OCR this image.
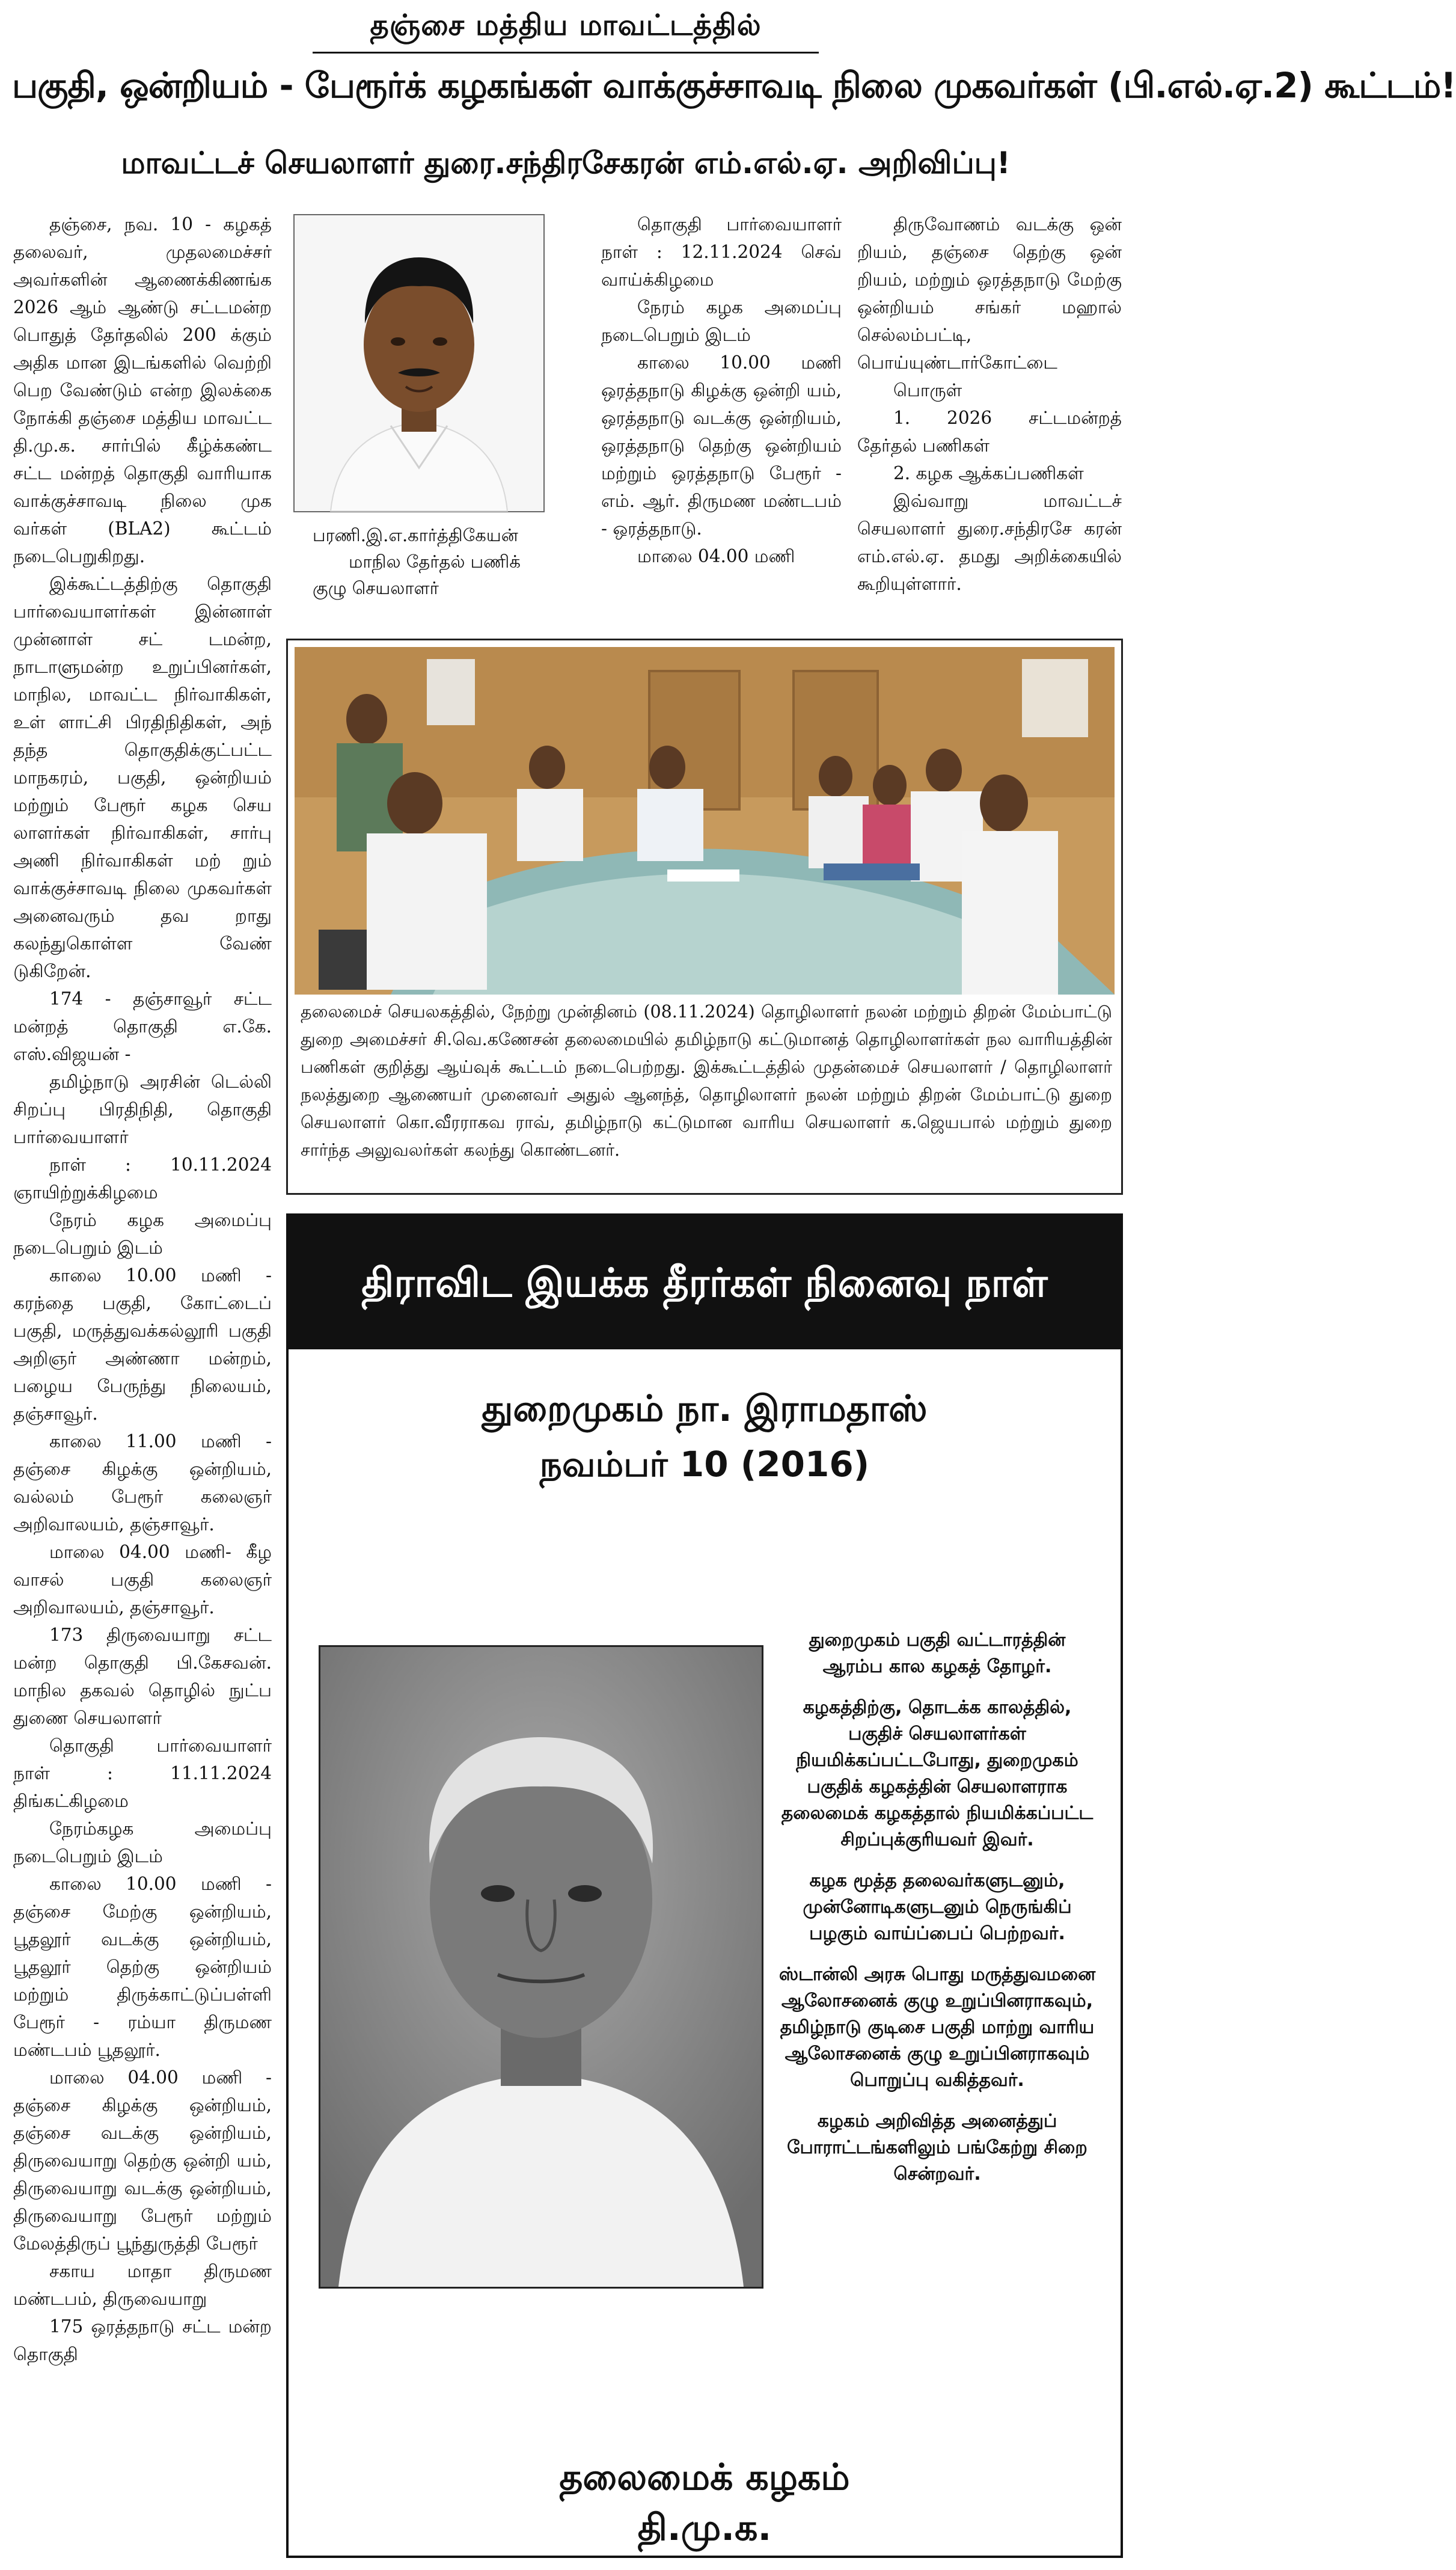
தஞ்சை மத்திய மாவட்டத்தில்
பகுதி, ஒன்றியம் - பேரூர்க் கழகங்கள் வாக்குச்சாவடி நிலை முகவர்கள் (பி.எல்.ஏ.2) கூட்டம்!
மாவட்டச் செயலாளர் துரை.சந்திரசேகரன் எம்.எல்.ஏ. அறிவிப்பு!

தஞ்சை, நவ. 10 - கழகத் தலைவர், முதலமைச்சர் அவர்களின் ஆணைக்கிணங்க 2026 ஆம் ஆண்டு சட்டமன்ற பொதுத் தேர்தலில் 200 க்கும் அதிக மான இடங்களில் வெற்றி பெற வேண்டும் என்ற இலக்கை நோக்கி தஞ்சை மத்திய மாவட்ட தி.மு.க. சார்பில் கீழ்க்கண்ட சட்ட மன்றத் தொகுதி வாரியாக வாக்குச்சாவடி நிலை முக வர்கள் (BLA2) கூட்டம் நடைபெறுகிறது.

இக்கூட்டத்திற்கு தொகுதி பார்வையாளர்கள் இன்னாள் முன்னாள் சட் டமன்ற, நாடாளுமன்ற உறுப்பினர்கள், மாநில, மாவட்ட நிர்வாகிகள், உள் ளாட்சி பிரதிநிதிகள், அந் தந்த தொகுதிக்குட்பட்ட மாநகரம், பகுதி, ஒன்றியம் மற்றும் பேரூர் கழக செய லாளர்கள் நிர்வாகிகள், சார்பு அணி நிர்வாகிகள் மற் றும் வாக்குச்சாவடி நிலை முகவர்கள் அனைவரும் தவ றாது கலந்துகொள்ள வேண் டுகிறேன்.

174 - தஞ்சாவூர் சட்ட மன்றத் தொகுதி எ.கே. எஸ்.விஜயன் -

தமிழ்நாடு அரசின் டெல்லி சிறப்பு பிரதிநிதி, தொகுதி பார்வையாளர்

நாள் : 10.11.2024 ஞாயிற்றுக்கிழமை

நேரம் கழக அமைப்பு நடைபெறும் இடம்

காலை 10.00 மணி - கரந்தை பகுதி, கோட்டைப் பகுதி, மருத்துவக்கல்லூரி பகுதி அறிஞர் அண்ணா மன்றம், பழைய பேருந்து நிலையம், தஞ்சாவூர்.

காலை 11.00 மணி - தஞ்சை கிழக்கு ஒன்றியம், வல்லம் பேரூர் கலைஞர் அறிவாலயம், தஞ்சாவூர்.

மாலை 04.00 மணி- கீழ வாசல் பகுதி கலைஞர் அறிவாலயம், தஞ்சாவூர்.

173 திருவையாறு சட்ட மன்ற தொகுதி பி.கேசவன். மாநில தகவல் தொழில் நுட்ப துணை செயலாளர்

தொகுதி பார்வையாளர் நாள் : 11.11.2024 திங்கட்கிழமை

நேரம்கழக அமைப்பு நடைபெறும் இடம்

காலை 10.00 மணி - தஞ்சை மேற்கு ஒன்றியம், பூதலூர் வடக்கு ஒன்றியம், பூதலூர் தெற்கு ஒன்றியம் மற்றும் திருக்காட்டுப்பள்ளி பேரூர் - ரம்யா திருமண மண்டபம் பூதலூர்.

மாலை 04.00 மணி - தஞ்சை கிழக்கு ஒன்றியம், தஞ்சை வடக்கு ஒன்றியம், திருவையாறு தெற்கு ஒன்றி யம், திருவையாறு வடக்கு ஒன்றியம், திருவையாறு பேரூர் மற்றும் மேலத்திருப் பூந்துருத்தி பேரூர்

சகாய மாதா திருமண மண்டபம், திருவையாறு

175 ஒரத்தநாடு சட்ட மன்ற தொகுதி

பரணி.இ.எ.கார்த்திகேயன்
மாநில தேர்தல் பணிக் குழு செயலாளர்

தொகுதி பார்வையாளர் நாள் : 12.11.2024 செவ் வாய்க்கிழமை

நேரம் கழக அமைப்பு நடைபெறும் இடம்

காலை 10.00 மணி ஒரத்தநாடு கிழக்கு ஒன்றி யம், ஒரத்தநாடு வடக்கு ஒன்றியம், ஒரத்தநாடு தெற்கு ஒன்றியம் மற்றும் ஒரத்தநாடு பேரூர் - எம். ஆர். திருமண மண்டபம் - ஒரத்தநாடு.

மாலை 04.00 மணி

திருவோணம் வடக்கு ஒன் றியம், தஞ்சை தெற்கு ஒன் றியம், மற்றும் ஒரத்தநாடு மேற்கு ஒன்றியம் சங்கர் மஹால் செல்லம்பட்டி, பொய்யுண்டார்கோட்டை

பொருள்

1. 2026 சட்டமன்றத் தேர்தல் பணிகள்

2. கழக ஆக்கப்பணிகள்

இவ்வாறு மாவட்டச் செயலாளர் துரை.சந்திரசே கரன் எம்.எல்.ஏ. தமது அறிக்கையில் கூறியுள்ளார்.

தலைமைச் செயலகத்தில், நேற்று முன்தினம் (08.11.2024) தொழிலாளர் நலன் மற்றும் திறன் மேம்பாட்டு துறை அமைச்சர் சி.வெ.கணேசன் தலைமையில் தமிழ்நாடு கட்டுமானத் தொழிலாளர்கள் நல வாரியத்தின் பணிகள் குறித்து ஆய்வுக் கூட்டம் நடைபெற்றது. இக்கூட்டத்தில் முதன்மைச் செயலாளர் / தொழிலாளர் நலத்துறை ஆணையர் முனைவர் அதுல் ஆனந்த், தொழிலாளர் நலன் மற்றும் திறன் மேம்பாட்டு துறை செயலாளர் கொ.வீரராகவ ராவ், தமிழ்நாடு கட்டுமான வாரிய செயலாளர் க.ஜெயபால் மற்றும் துறை சார்ந்த அலுவலர்கள் கலந்து கொண்டனர்.
திராவிட இயக்க தீரர்கள் நினைவு நாள்
துறைமுகம் நா. இராமதாஸ்
நவம்பர் 10 (2016)

துறைமுகம் பகுதி வட்டாரத்தின் ஆரம்ப கால கழகத் தோழர்.

கழகத்திற்கு, தொடக்க காலத்தில், பகுதிச் செயலாளர்கள் நியமிக்கப்பட்டபோது, துறைமுகம் பகுதிக் கழகத்தின் செயலாளராக தலைமைக் கழகத்தால் நியமிக்கப்பட்ட சிறப்புக்குரியவர் இவர்.

கழக மூத்த தலைவர்களுடனும், முன்னோடிகளுடனும் நெருங்கிப் பழகும் வாய்ப்பைப் பெற்றவர்.

ஸ்டான்லி அரசு பொது மருத்துவமனை ஆலோசனைக் குழு உறுப்பினராகவும், தமிழ்நாடு குடிசை பகுதி மாற்று வாரிய ஆலோசனைக் குழு உறுப்பினராகவும் பொறுப்பு வகித்தவர்.

கழகம் அறிவித்த அனைத்துப் போராட்டங்களிலும் பங்கேற்று சிறை சென்றவர்.

தலைமைக் கழகம்
தி.மு.க.
